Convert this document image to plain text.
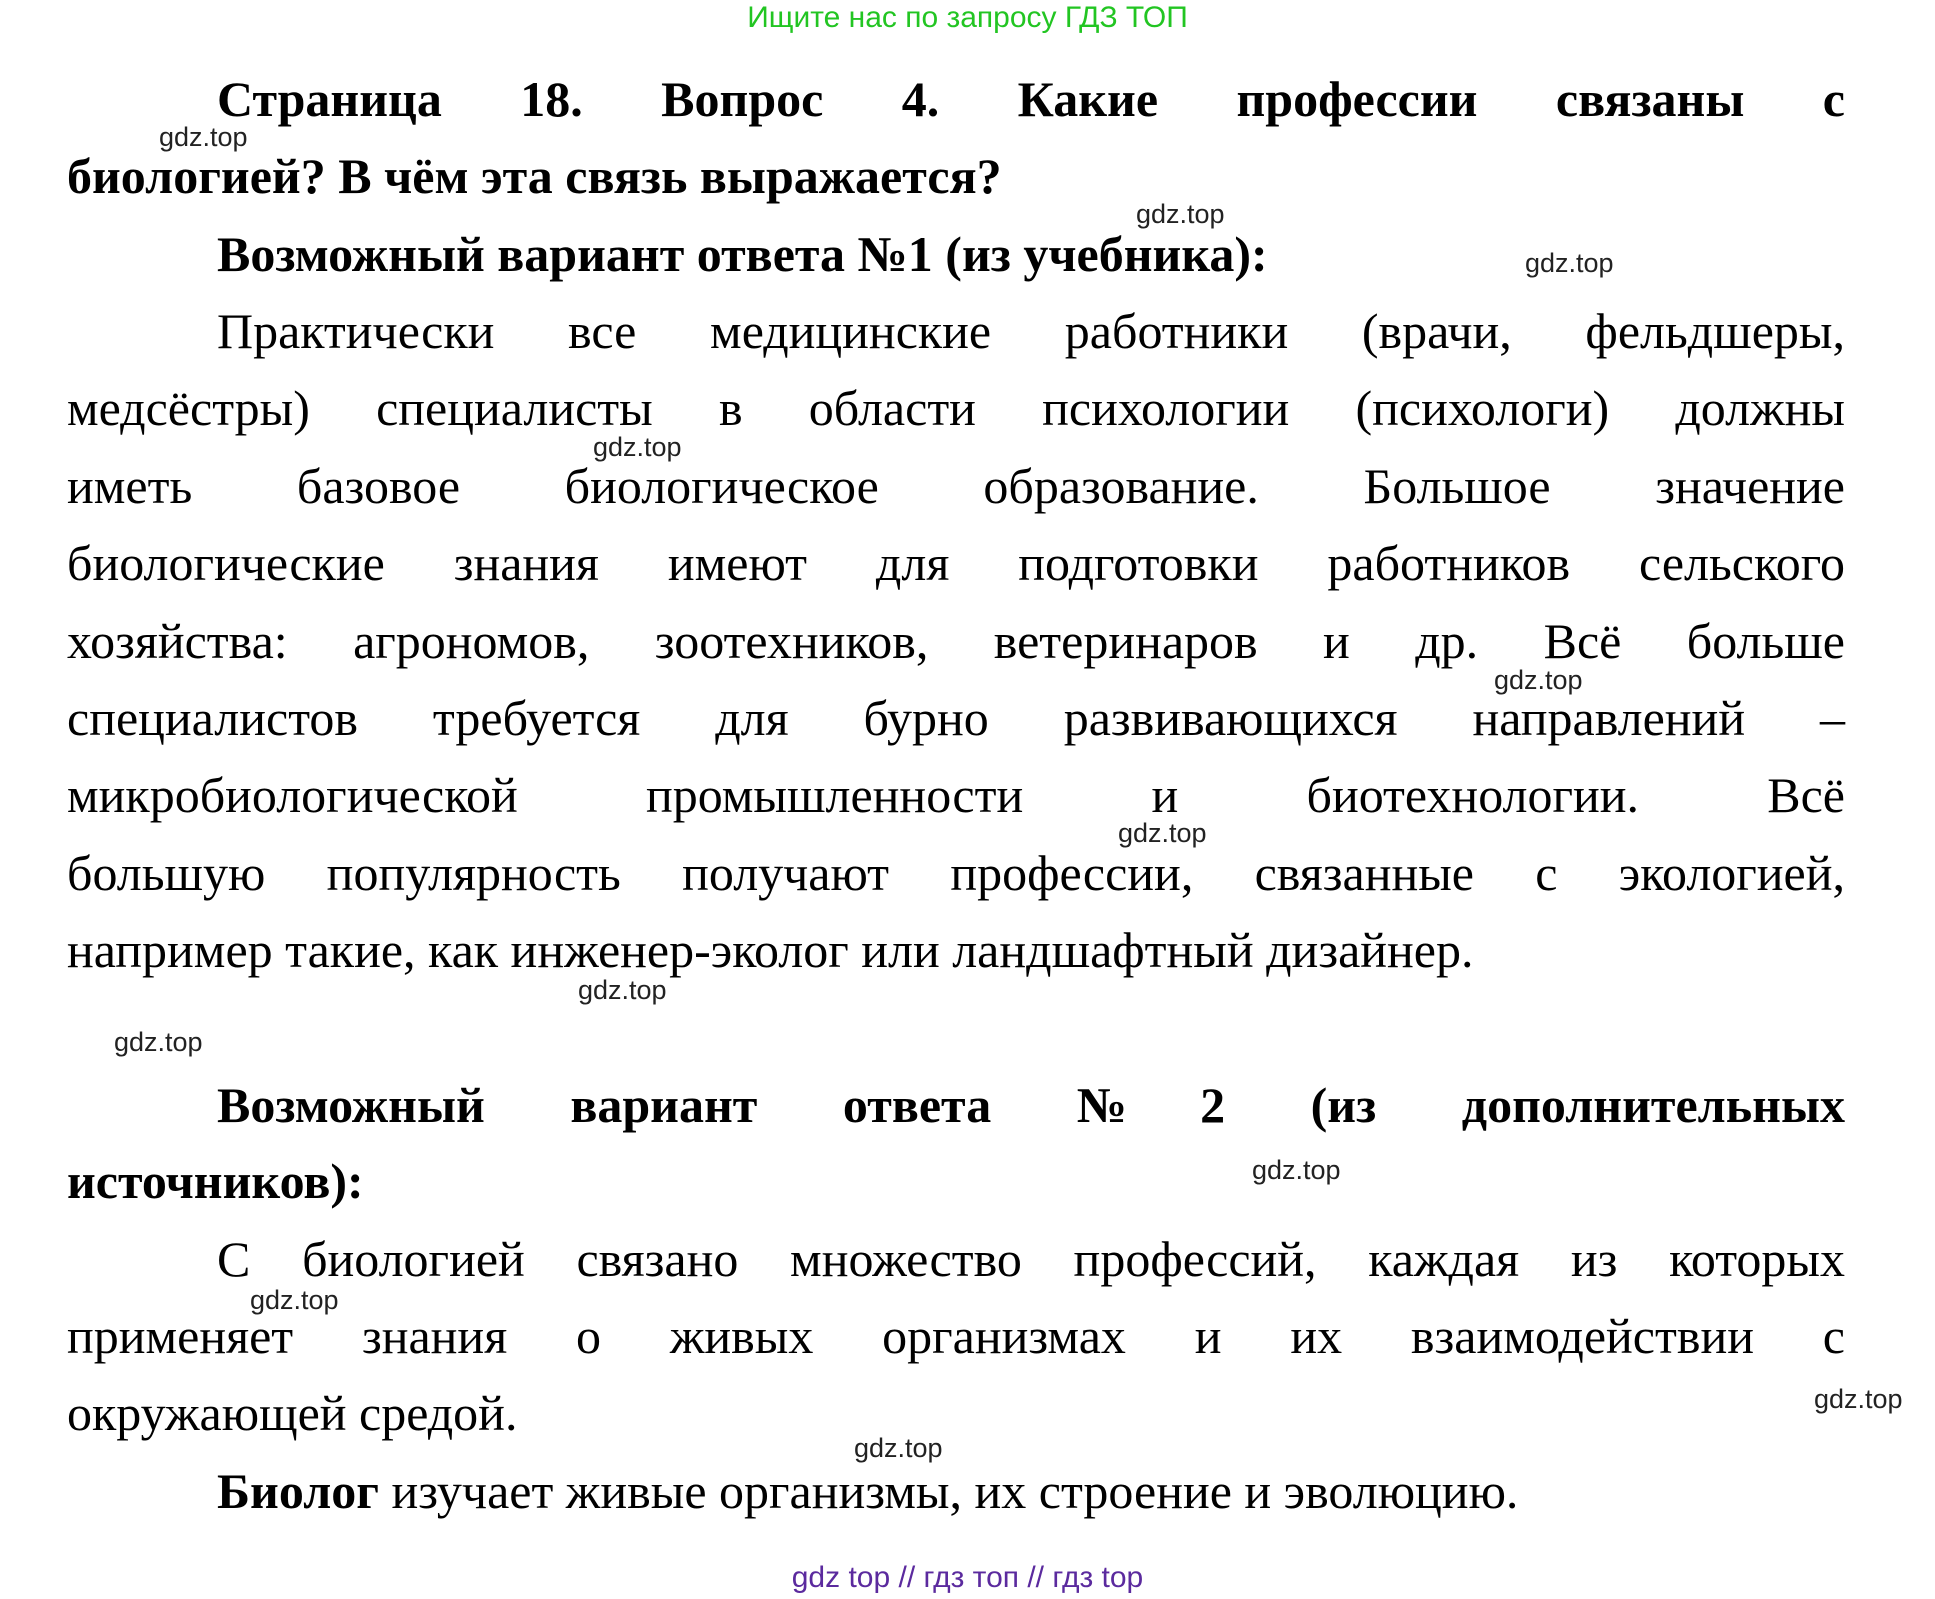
Ищите нас по запросу ГДЗ ТОП
Страница 18. Вопрос 4. Какие профессии связаны с
биологией? В чём эта связь выражается?
Возможный вариант ответа №1 (из учебника):
Практически все медицинские работники (врачи, фельдшеры,
медсёстры) специалисты в области психологии (психологи) должны
иметь базовое биологическое образование. Большое значение
биологические знания имеют для подготовки работников сельского
хозяйства: агрономов, зоотехников, ветеринаров и др. Всё больше
специалистов требуется для бурно развивающихся направлений –
микробиологической промышленности и биотехнологии. Всё
большую популярность получают профессии, связанные с экологией,
например такие, как инженер-эколог или ландшафтный дизайнер.
Возможный вариант ответа №2 (из дополнительных
источников):
С биологией связано множество профессий, каждая из которых
применяет знания о живых организмах и их взаимодействии с
окружающей средой.
Биолог изучает живые организмы, их строение и эволюцию.
gdz.top
gdz.top
gdz.top
gdz.top
gdz.top
gdz.top
gdz.top
gdz.top
gdz.top
gdz.top
gdz.top
gdz.top
gdz top // гдз топ // гдз top
